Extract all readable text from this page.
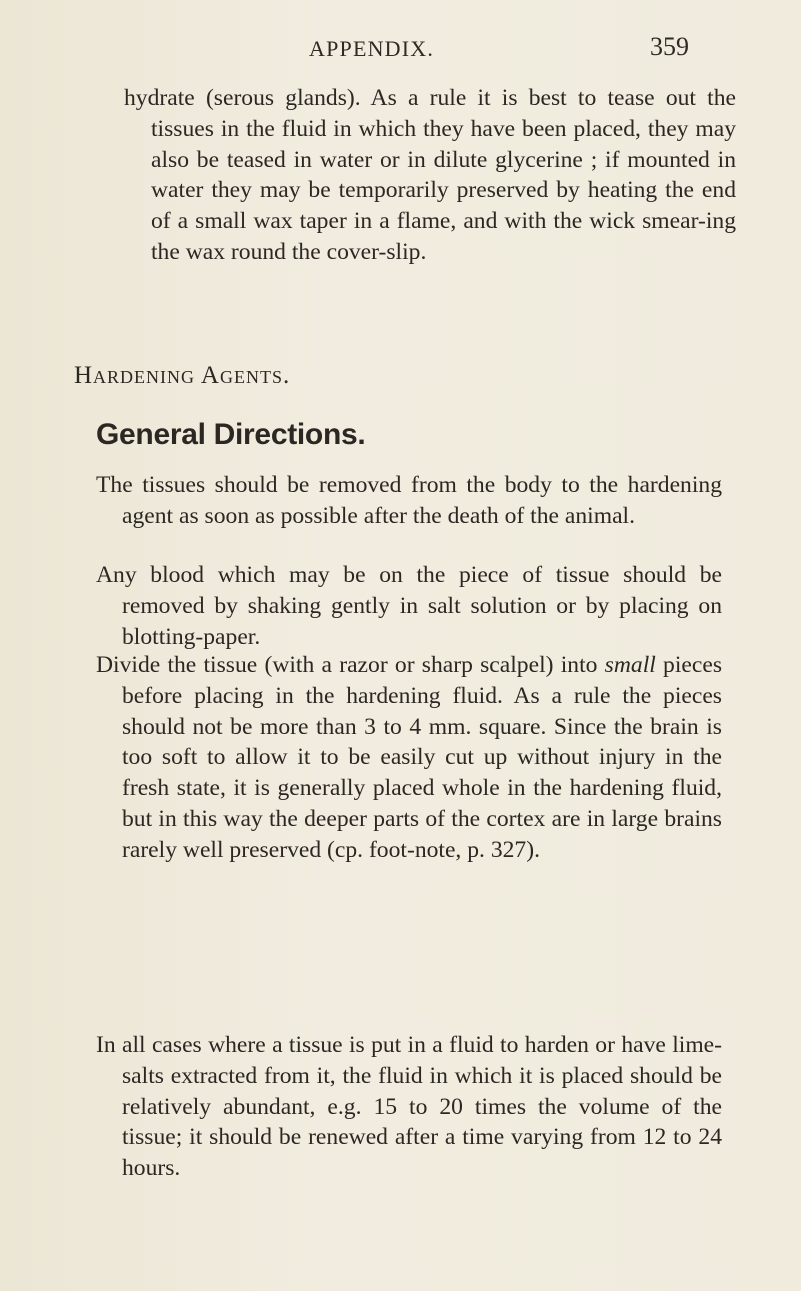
APPENDIX.	359

hydrate (serous glands). As a rule it is best to tease out the tissues in the fluid in which they have been placed, they may also be teased in water or in dilute glycerine ; if mounted in water they may be temporarily preserved by heating the end of a small wax taper in a flame, and with the wick smear-ing the wax round the cover-slip.

Hardening Agents.
General Directions.

The tissues should be removed from the body to the hardening agent as soon as possible after the death of the animal.

Any blood which may be on the piece of tissue should be removed by shaking gently in salt solution or by placing on blotting-paper.

Divide the tissue (with a razor or sharp scalpel) into small pieces before placing in the hardening fluid. As a rule the pieces should not be more than 3 to 4 mm. square. Since the brain is too soft to allow it to be easily cut up without injury in the fresh state, it is generally placed whole in the hardening fluid, but in this way the deeper parts of the cortex are in large brains rarely well preserved (cp. foot-note, p. 327).

In all cases where a tissue is put in a fluid to harden or have lime-salts extracted from it, the fluid in which it is placed should be relatively abundant, e.g. 15 to 20 times the volume of the tissue; it should be renewed after a time varying from 12 to 24 hours.
